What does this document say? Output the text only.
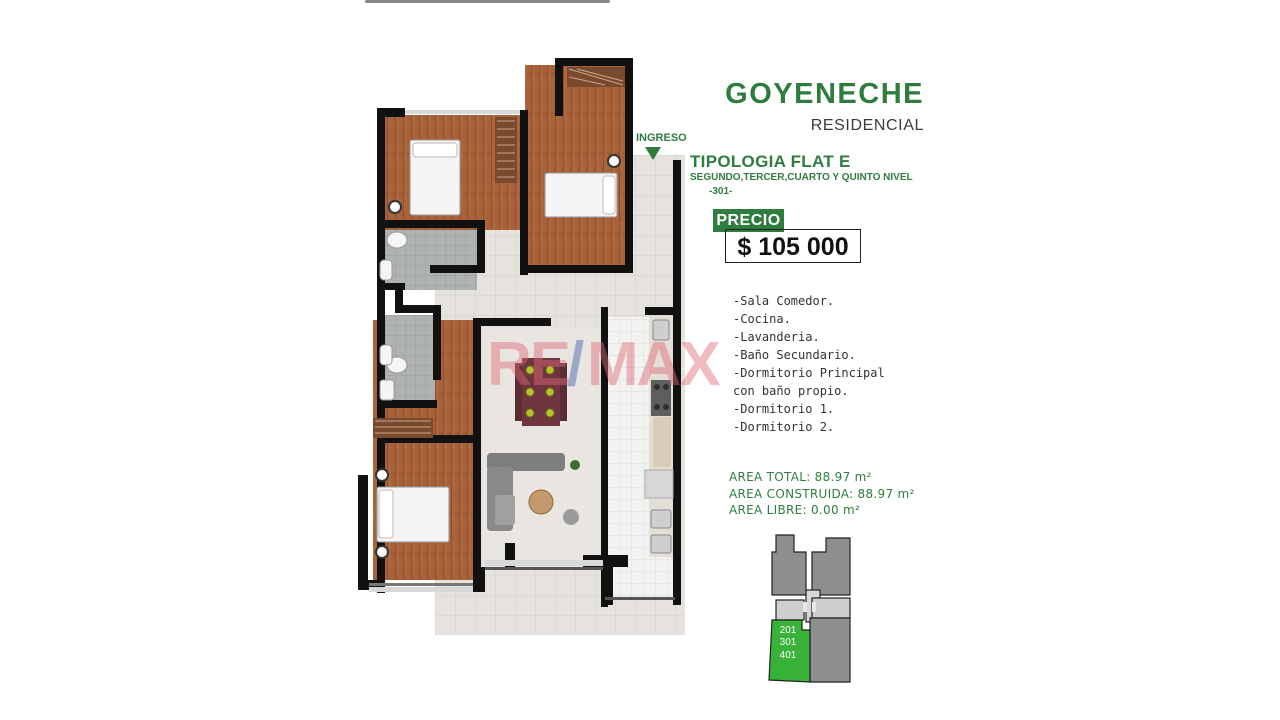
RE
/ MAX
GOYENECHE
RESIDENCIAL
INGRESO
TIPOLOGIA FLAT E
SEGUNDO,TERCER,CUARTO Y QUINTO NIVEL
-301-
PRECIO
$ 105 000
-Sala Comedor.
-Cocina.
-Lavanderia.
-Baño Secundario.
-Dormitorio Principal con baño propio.
-Dormitorio 1.
-Dormitorio 2.
AREA TOTAL: 88.97 m²
AREA CONSTRUIDA: 88.97 m²
AREA LIBRE: 0.00 m²
201
301
401
